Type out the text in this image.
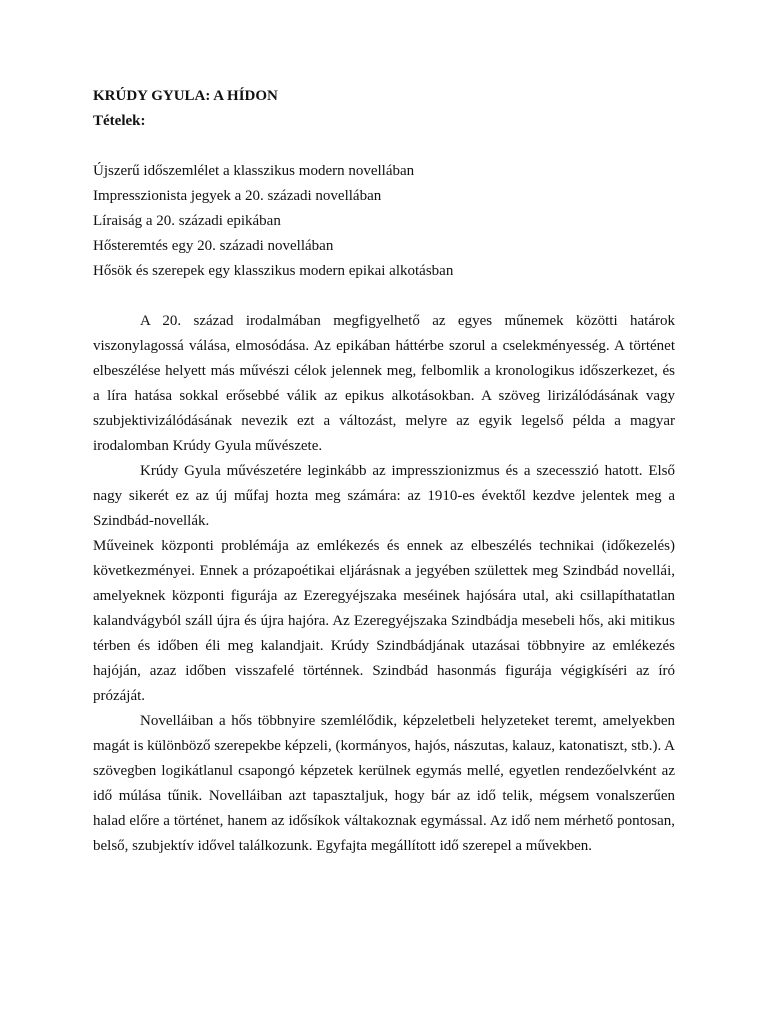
KRÚDY GYULA: A HÍDON

Tételek:

Újszerű időszemlélet a klasszikus modern novellában

Impresszionista jegyek a 20. századi novellában

Líraiság a 20. századi epikában

Hősteremtés egy 20. századi novellában

Hősök és szerepek egy klasszikus modern epikai alkotásban

A 20. század irodalmában megfigyelhető az egyes műnemek közötti határok viszonylagossá válása, elmosódása. Az epikában háttérbe szorul a cselekményesség. A történet elbeszélése helyett más művészi célok jelennek meg, felbomlik a kronologikus időszerkezet, és a líra hatása sokkal erősebbé válik az epikus alkotásokban. A szöveg lirizálódásának vagy szubjektivizálódásának nevezik ezt a változást, melyre az egyik legelső példa a magyar irodalomban Krúdy Gyula művészete.

Krúdy Gyula művészetére leginkább az impresszionizmus és a szecesszió hatott. Első nagy sikerét ez az új műfaj hozta meg számára: az 1910-es évektől kezdve jelentek meg a Szindbád-novellák.

Műveinek központi problémája az emlékezés és ennek az elbeszélés technikai (időkezelés) következményei. Ennek a prózapoétikai eljárásnak a jegyében születtek meg Szindbád novellái, amelyeknek központi figurája az Ezeregyéjszaka meséinek hajósára utal, aki csillapíthatatlan kalandvágyból száll újra és újra hajóra. Az Ezeregyéjszaka Szindbádja mesebeli hős, aki mitikus térben és időben éli meg kalandjait. Krúdy Szindbádjának utazásai többnyire az emlékezés hajóján, azaz időben visszafelé történnek. Szindbád hasonmás figurája végigkíséri az író prózáját.

Novelláiban a hős többnyire szemlélődik, képzeletbeli helyzeteket teremt, amelyekben magát is különböző szerepekbe képzeli, (kormányos, hajós, nászutas, kalauz, katonatiszt, stb.). A szövegben logikátlanul csapongó képzetek kerülnek egymás mellé, egyetlen rendezőelvként az idő múlása tűnik. Novelláiban azt tapasztaljuk, hogy bár az idő telik, mégsem vonalszerűen halad előre a történet, hanem az idősíkok váltakoznak egymással. Az idő nem mérhető pontosan, belső, szubjektív idővel találkozunk. Egyfajta megállított idő szerepel a művekben.
